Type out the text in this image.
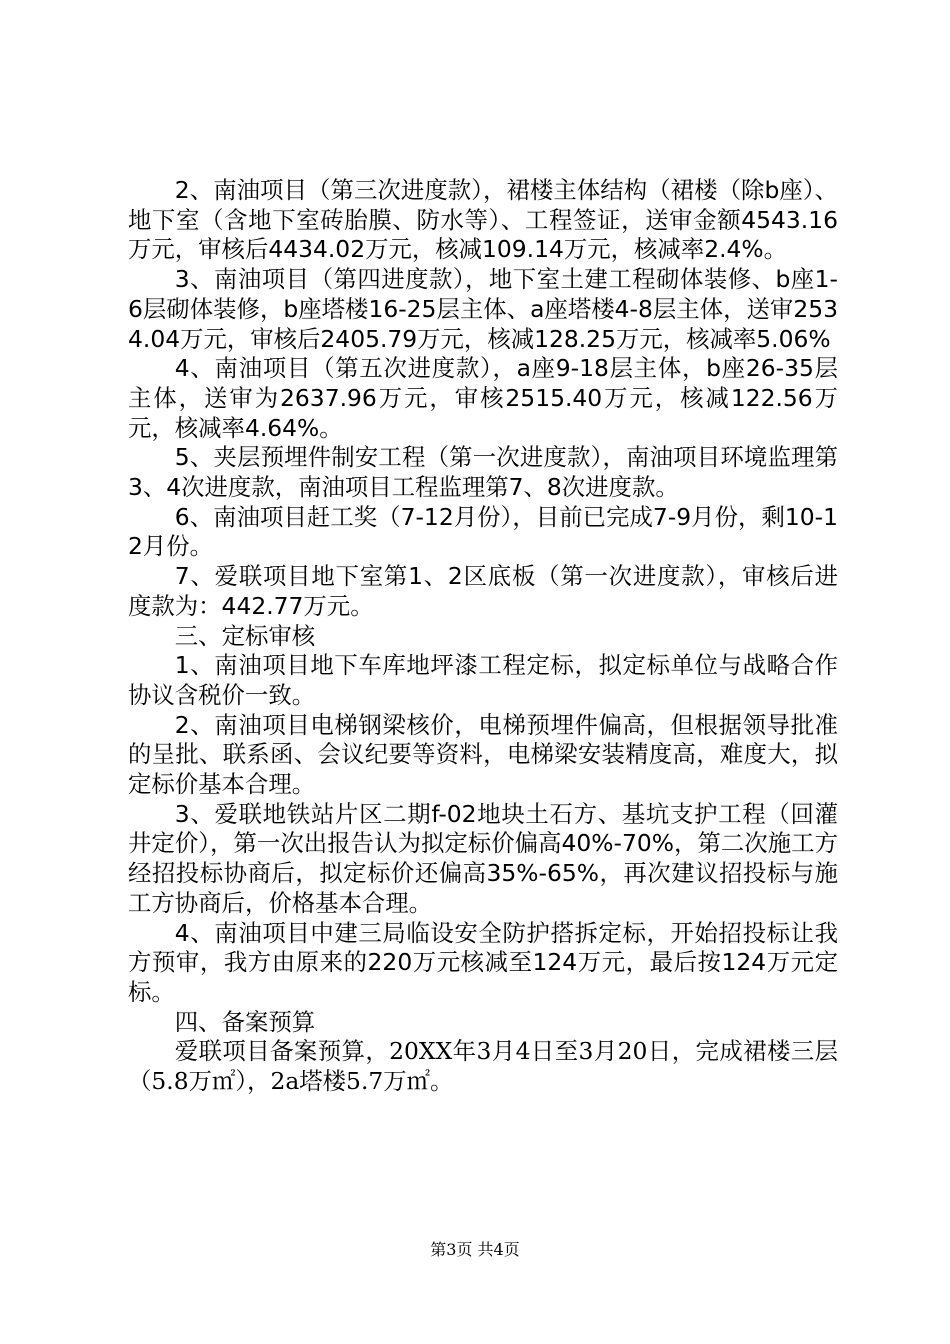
2、南油项目（第三次进度款），裙楼主体结构（裙楼（除b座）、地下室（含地下室砖胎膜、防水等）、工程签证，送审金额4543.16万元，审核后4434.02万元，核减109.14万元，核减率2.4%。

3、南油项目（第四进度款），地下室土建工程砌体装修、b座1-6层砌体装修，b座塔楼16-25层主体、a座塔楼4-8层主体，送审2534.04万元，审核后2405.79万元，核减128.25万元，核减率5.06%

4、南油项目（第五次进度款），a座9-18层主体，b座26-35层主体，送审为2637.96万元，审核2515.40万元，核减122.56万元，核减率4.64%。

5、夹层预埋件制安工程（第一次进度款），南油项目环境监理第3、4次进度款，南油项目工程监理第7、8次进度款。

6、南油项目赶工奖（7-12月份），目前已完成7-9月份，剩10-12月份。

7、爱联项目地下室第1、2区底板（第一次进度款），审核后进度款为：442.77万元。

三、定标审核

1、南油项目地下车库地坪漆工程定标，拟定标单位与战略合作协议含税价一致。

2、南油项目电梯钢梁核价，电梯预埋件偏高，但根据领导批准的呈批、联系函、会议纪要等资料，电梯梁安装精度高，难度大，拟定标价基本合理。

3、爱联地铁站片区二期f-02地块土石方、基坑支护工程（回灌井定价），第一次出报告认为拟定标价偏高40%-70%，第二次施工方经招投标协商后，拟定标价还偏高35%-65%，再次建议招投标与施工方协商后，价格基本合理。

4、南油项目中建三局临设安全防护搭拆定标，开始招投标让我方预审，我方由原来的220万元核减至124万元，最后按124万元定标。

四、备案预算

爱联项目备案预算，20XX年3月4日至3月20日，完成裙楼三层（5.8万㎡），2a塔楼5.7万㎡。

第3页 共4页
